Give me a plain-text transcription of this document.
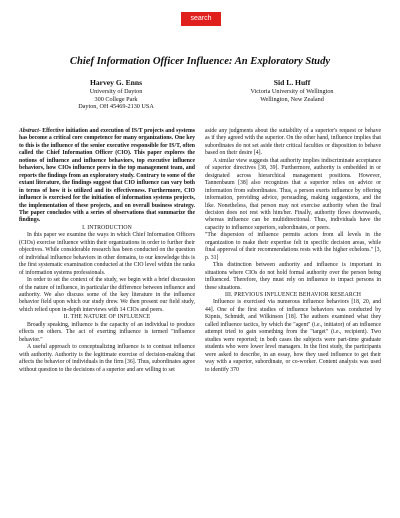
search
Chief Information Officer Influence: An Exploratory Study
Harvey G. Enns
University of Dayton
300 College Park
Dayton, OH 45469-2130 USA
Sid L. Huff
Victoria University of Wellington
Wellington, New Zealand

Abstract- Effective initiation and execution of IS/T projects and systems has become a critical core competence for many organizations. One key to this is the influence of the senior executive responsible for IS/T, often called the Chief Information Officer (CIO). This paper explores the notions of influence and influence behaviors, top executive influence behaviors, how CIOs influence peers in the top management team, and reports the findings from an exploratory study. Contrary to some of the extant literature, the findings suggest that CIO influence can vary both in terms of how it is utilized and its effectiveness. Furthermore, CIO influence is exercised for the initiation of information systems projects, the implementation of these projects, and on overall business strategy. The paper concludes with a series of observations that summarize the findings.

I. INTRODUCTION

In this paper we examine the ways in which Chief Information Officers (CIOs) exercise influence within their organizations in order to further their objectives. While considerable research has been conducted on the question of individual influence behaviors in other domains, to our knowledge this is the first systematic examination conducted at the CIO level within the ranks of information systems professionals.

In order to set the context of the study, we begin with a brief discussion of the nature of influence, in particular the difference between influence and authority. We also discuss some of the key literature in the influence behavior field upon which our study drew. We then present our field study, which relied upon in-depth interviews with 14 CIOs and peers.

II. THE NATURE OF INFLUENCE

Broadly speaking, influence is the capacity of an individual to produce effects on others. The act of exerting influence is termed "influence behavior."

A useful approach to conceptualizing influence is to contrast influence with authority. Authority is the legitimate exercise of decision-making that affects the behavior of individuals in the firm [36]. Thus, subordinates agree without question to the decisions of a superior and are willing to set

aside any judgments about the suitability of a superior's request or behave as if they agreed with the superior. On the other hand, influence implies that subordinates do not set aside their critical faculties or disposition to behave based on their desire [4].

A similar view suggests that authority implies indiscriminate acceptance of superior directives [38, 39]. Furthermore, authority is embedded in or designated across hierarchical management positions. However, Tannenbaum [38] also recognizes that a superior relies on advice or information from subordinates. Thus, a person exerts influence by offering information, providing advice, persuading, making suggestions, and the like. Nonetheless, that person may not exercise authority when the final decision does not rest with him/her. Finally, authority flows downwards, whereas influence can be multidirectional. Thus, individuals have the capacity to influence superiors, subordinates, or peers.

"The dispersion of influence permits actors from all levels in the organization to make their expertise felt in specific decision areas, while final approval of their recommendations rests with the higher echelons." [3, p. 31]

This distinction between authority and influence is important in situations where CIOs do not hold formal authority over the person being influenced. Therefore, they must rely on influence to impact persons in these situations.

III. PREVIOUS INFLUENCE BEHAVIOR RESEARCH

Influence is exercised via numerous influence behaviors [18, 20, and 44]. One of the first studies of influence behaviors was conducted by Kipnis, Schmidt, and Wilkinson [18]. The authors examined what they called influence tactics, by which the "agent" (i.e., initiator) of an influence attempt tried to gain something from the "target" (i.e., recipient). Two studies were reported; in both cases the subjects were part-time graduate students who were lower level managers. In the first study, the participants were asked to describe, in an essay, how they used influence to get their way with a superior, subordinate, or co-worker. Content analysis was used to identify 370
